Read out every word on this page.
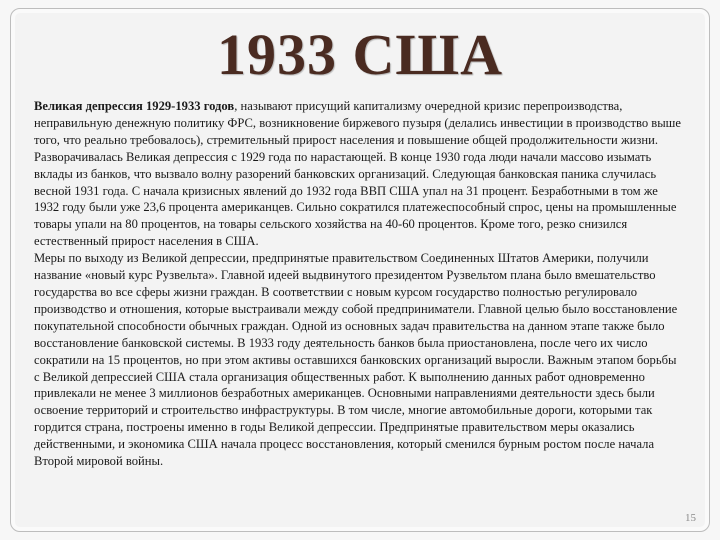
1933 США

Великая депрессия 1929-1933 годов, называют присущий капитализму очередной кризис перепроизводства, неправильную денежную политику ФРС, возникновение биржевого пузыря (делались инвестиции в производство выше того, что реально требовалось), стремительный прирост населения и повышение общей продолжительности жизни.

Разворачивалась Великая депрессия с 1929 года по нарастающей. В конце 1930 года люди начали массово изымать вклады из банков, что вызвало волну разорений банковских организаций. Следующая банковская паника случилась весной 1931 года. С начала кризисных явлений до 1932 года ВВП США упал на 31 процент. Безработными в том же 1932 году были уже 23,6 процента американцев. Сильно сократился платежеспособный спрос, цены на промышленные товары упали на 80 процентов, на товары сельского хозяйства на 40-60 процентов. Кроме того, резко снизился естественный прирост населения в США.

Меры по выходу из Великой депрессии, предпринятые правительством Соединенных Штатов Америки, получили название «новый курс Рузвельта». Главной идеей выдвинутого президентом Рузвельтом плана было вмешательство государства во все сферы жизни граждан. В соответствии с новым курсом государство полностью регулировало производство и отношения, которые выстраивали между собой предприниматели. Главной целью было восстановление покупательной способности обычных граждан. Одной из основных задач правительства на данном этапе также было восстановление банковской системы. В 1933 году деятельность банков была приостановлена, после чего их число сократили на 15 процентов, но при этом активы оставшихся банковских организаций выросли. Важным этапом борьбы с Великой депрессией США стала организация общественных работ. К выполнению данных работ одновременно привлекали не менее 3 миллионов безработных американцев. Основными направлениями деятельности здесь были освоение территорий и строительство инфраструктуры. В том числе, многие автомобильные дороги, которыми так гордится страна, построены именно в годы Великой депрессии. Предпринятые правительством меры оказались действенными, и экономика США начала процесс восстановления, который сменился бурным ростом после начала Второй мировой войны.

15
